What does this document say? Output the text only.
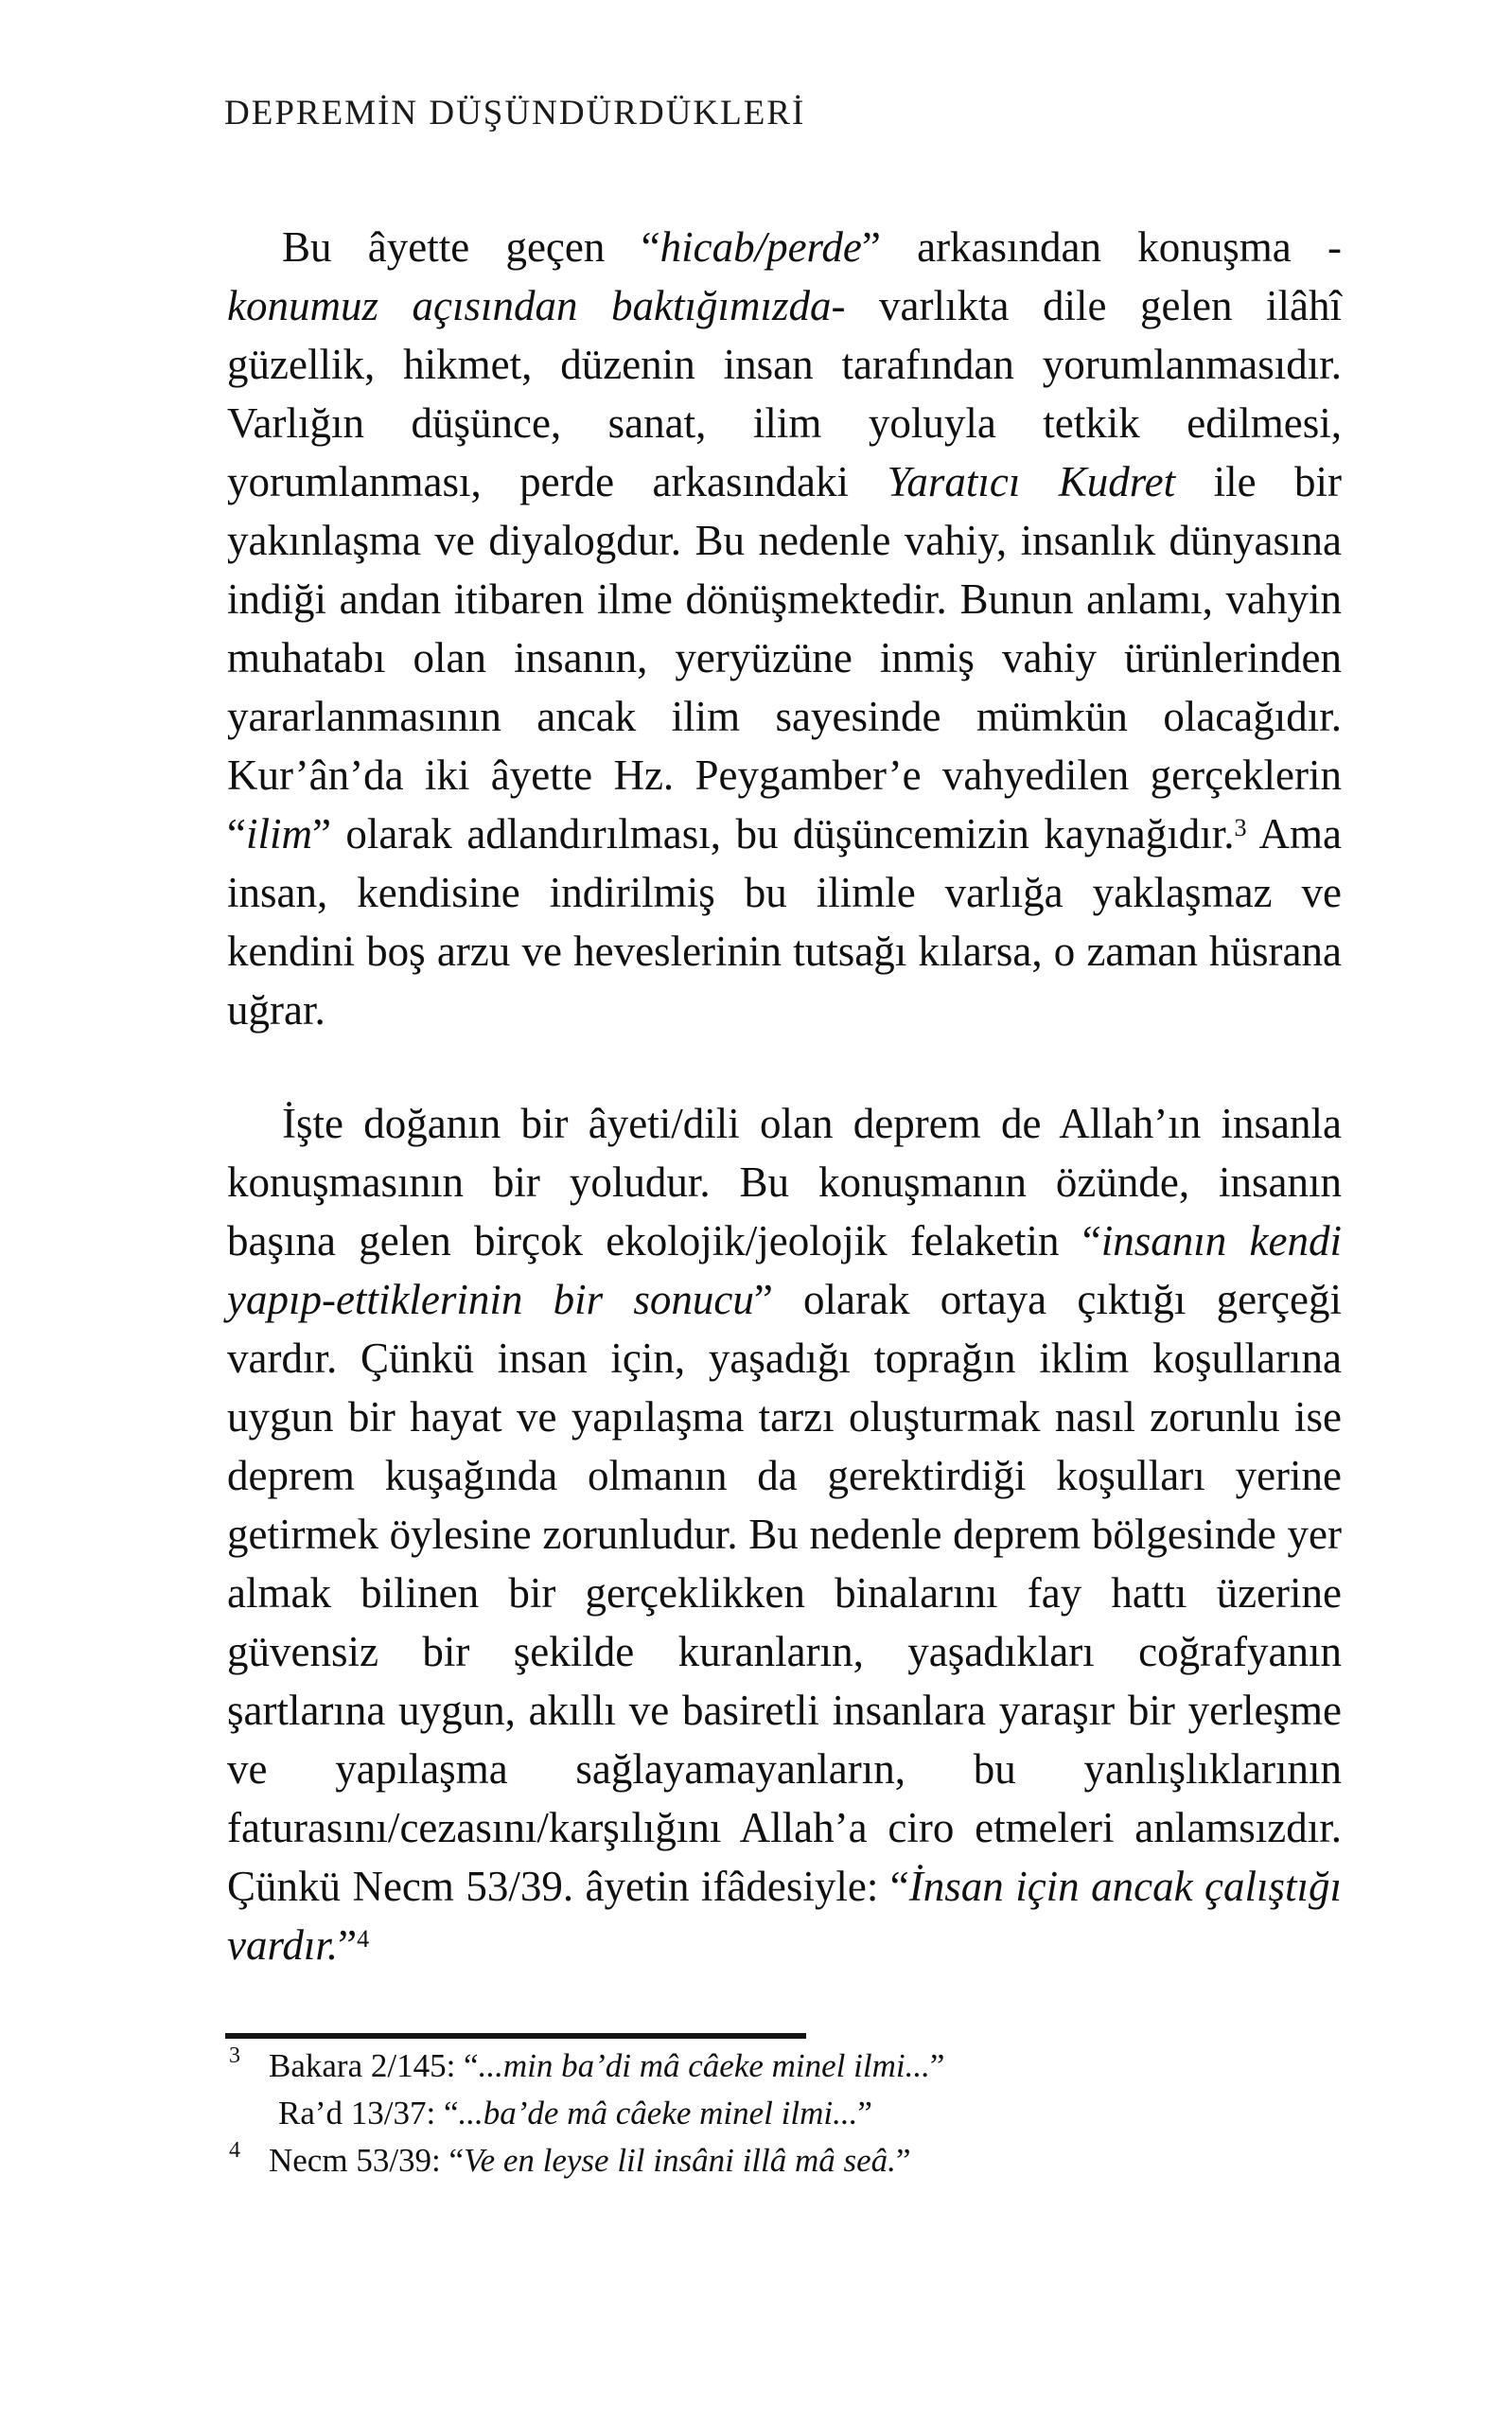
DEPREMİN DÜŞÜNDÜRDÜKLERİ

Bu âyette geçen “hicab/perde” arkasından konuşma - konumuz açısından baktığımızda- varlıkta dile gelen ilâhî güzellik, hikmet, düzenin insan tarafından yorumlanmasıdır. Varlığın düşünce, sanat, ilim yoluyla tetkik edilmesi, yorumlanması, perde arkasındaki Yaratıcı Kudret ile bir yakınlaşma ve diyalogdur. Bu nedenle vahiy, insanlık dünyasına indiği andan itibaren ilme dönüşmektedir. Bunun anlamı, vahyin muhatabı olan insanın, yeryüzüne inmiş vahiy ürünlerinden yararlanmasının ancak ilim sayesinde mümkün olacağıdır. Kur’ân’da iki âyette Hz. Peygamber’e vahyedilen gerçeklerin “ilim” olarak adlandırılması, bu düşüncemizin kaynağıdır.$^3$ Ama insan, kendisine indirilmiş bu ilimle varlığa yaklaşmaz ve kendini boş arzu ve heveslerinin tutsağı kılarsa, o zaman hüsrana uğrar.

İşte doğanın bir âyeti/dili olan deprem de Allah’ın insanla konuşmasının bir yoludur. Bu konuşmanın özünde, insanın başına gelen birçok ekolojik/jeolojik felaketin “insanın kendi yapıp-ettiklerinin bir sonucu” olarak ortaya çıktığı gerçeği vardır. Çünkü insan için, yaşadığı toprağın iklim koşullarına uygun bir hayat ve yapılaşma tarzı oluşturmak nasıl zorunlu ise deprem kuşağında olmanın da gerektirdiği koşulları yerine getirmek öylesine zorunludur. Bu nedenle deprem bölgesinde yer almak bilinen bir gerçeklikken binalarını fay hattı üzerine güvensiz bir şekilde kuranların, yaşadıkları coğrafyanın şartlarına uygun, akıllı ve basiretli insanlara yaraşır bir yerleşme ve yapılaşma sağlayamayanların, bu yanlışlıklarının faturasını/cezasını/karşılığını Allah’a ciro etmeleri anlamsızdır. Çünkü Necm 53/39. âyetin ifâdesiyle: “İnsan için ancak çalıştığı vardır.”$^4$

3 Bakara 2/145: “...min ba’di mâ câeke minel ilmi...”
Ra’d 13/37: “...ba’de mâ câeke minel ilmi...”
4 Necm 53/39: “Ve en leyse lil insâni illâ mâ seâ.”
